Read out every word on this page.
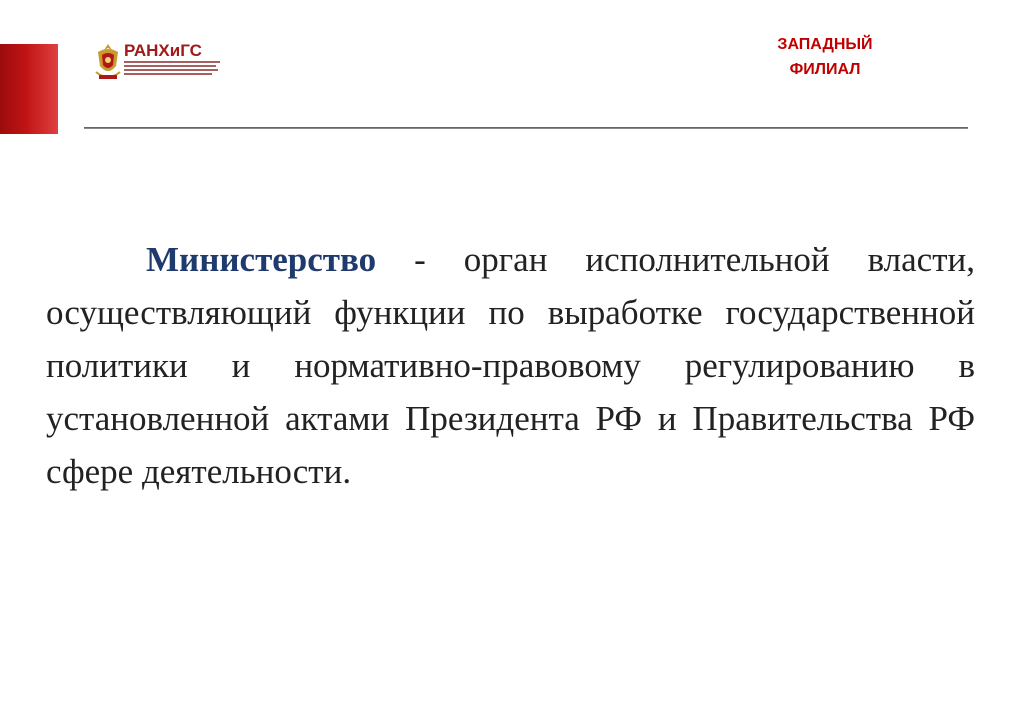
РАНХиГС	ЗАПАДНЫЙ
ФИЛИАЛ

Министерство - орган исполнительной власти, осуществляющий функции по выработке государственной политики и нормативно-правовому регулированию в установленной актами Президента РФ и Правительства РФ сфере деятельности.
